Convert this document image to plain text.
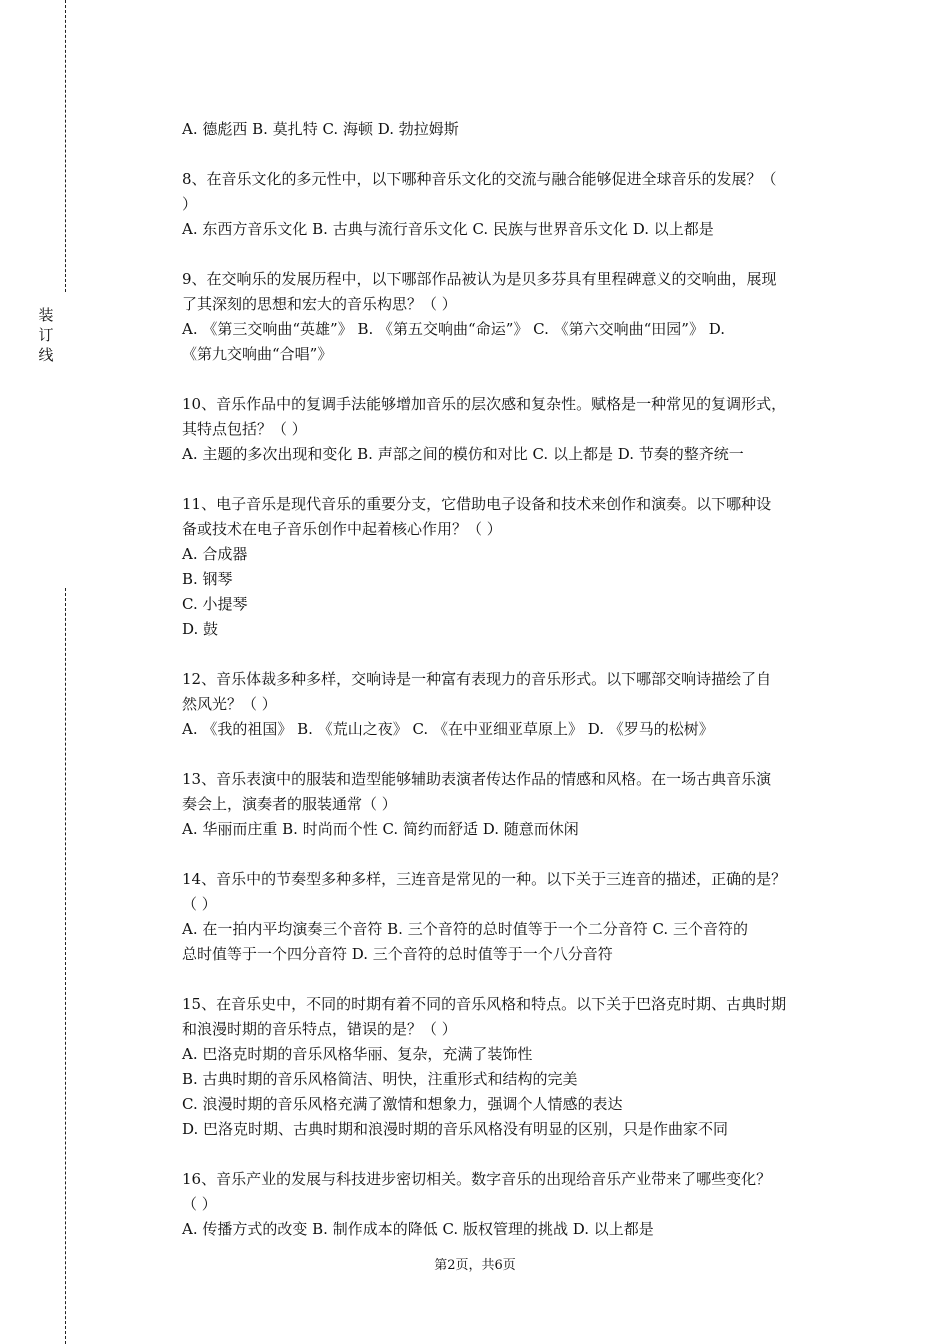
装
订
线
A. 德彪西 B. 莫扎特 C. 海顿 D. 勃拉姆斯
8、在音乐文化的多元性中，以下哪种音乐文化的交流与融合能够促进全球音乐的发展？（
）
A. 东西方音乐文化 B. 古典与流行音乐文化 C. 民族与世界音乐文化 D. 以上都是
9、在交响乐的发展历程中，以下哪部作品被认为是贝多芬具有里程碑意义的交响曲，展现
了其深刻的思想和宏大的音乐构思？（ ）
A. 《第三交响曲“英雄”》 B. 《第五交响曲“命运”》 C. 《第六交响曲“田园”》 D.
《第九交响曲“合唱”》
10、音乐作品中的复调手法能够增加音乐的层次感和复杂性。赋格是一种常见的复调形式，
其特点包括？（ ）
A. 主题的多次出现和变化 B. 声部之间的模仿和对比 C. 以上都是 D. 节奏的整齐统一
11、电子音乐是现代音乐的重要分支，它借助电子设备和技术来创作和演奏。以下哪种设
备或技术在电子音乐创作中起着核心作用？（ ）
A. 合成器
B. 钢琴
C. 小提琴
D. 鼓
12、音乐体裁多种多样，交响诗是一种富有表现力的音乐形式。以下哪部交响诗描绘了自
然风光？（ ）
A. 《我的祖国》 B. 《荒山之夜》 C. 《在中亚细亚草原上》 D. 《罗马的松树》
13、音乐表演中的服装和造型能够辅助表演者传达作品的情感和风格。在一场古典音乐演
奏会上，演奏者的服装通常（ ）
A. 华丽而庄重 B. 时尚而个性 C. 简约而舒适 D. 随意而休闲
14、音乐中的节奏型多种多样，三连音是常见的一种。以下关于三连音的描述，正确的是？
（ ）
A. 在一拍内平均演奏三个音符 B. 三个音符的总时值等于一个二分音符 C. 三个音符的
总时值等于一个四分音符 D. 三个音符的总时值等于一个八分音符
15、在音乐史中，不同的时期有着不同的音乐风格和特点。以下关于巴洛克时期、古典时期
和浪漫时期的音乐特点，错误的是？（ ）
A. 巴洛克时期的音乐风格华丽、复杂，充满了装饰性
B. 古典时期的音乐风格简洁、明快，注重形式和结构的完美
C. 浪漫时期的音乐风格充满了激情和想象力，强调个人情感的表达
D. 巴洛克时期、古典时期和浪漫时期的音乐风格没有明显的区别，只是作曲家不同
16、音乐产业的发展与科技进步密切相关。数字音乐的出现给音乐产业带来了哪些变化？
（ ）
A. 传播方式的改变 B. 制作成本的降低 C. 版权管理的挑战 D. 以上都是
第2页，共6页
